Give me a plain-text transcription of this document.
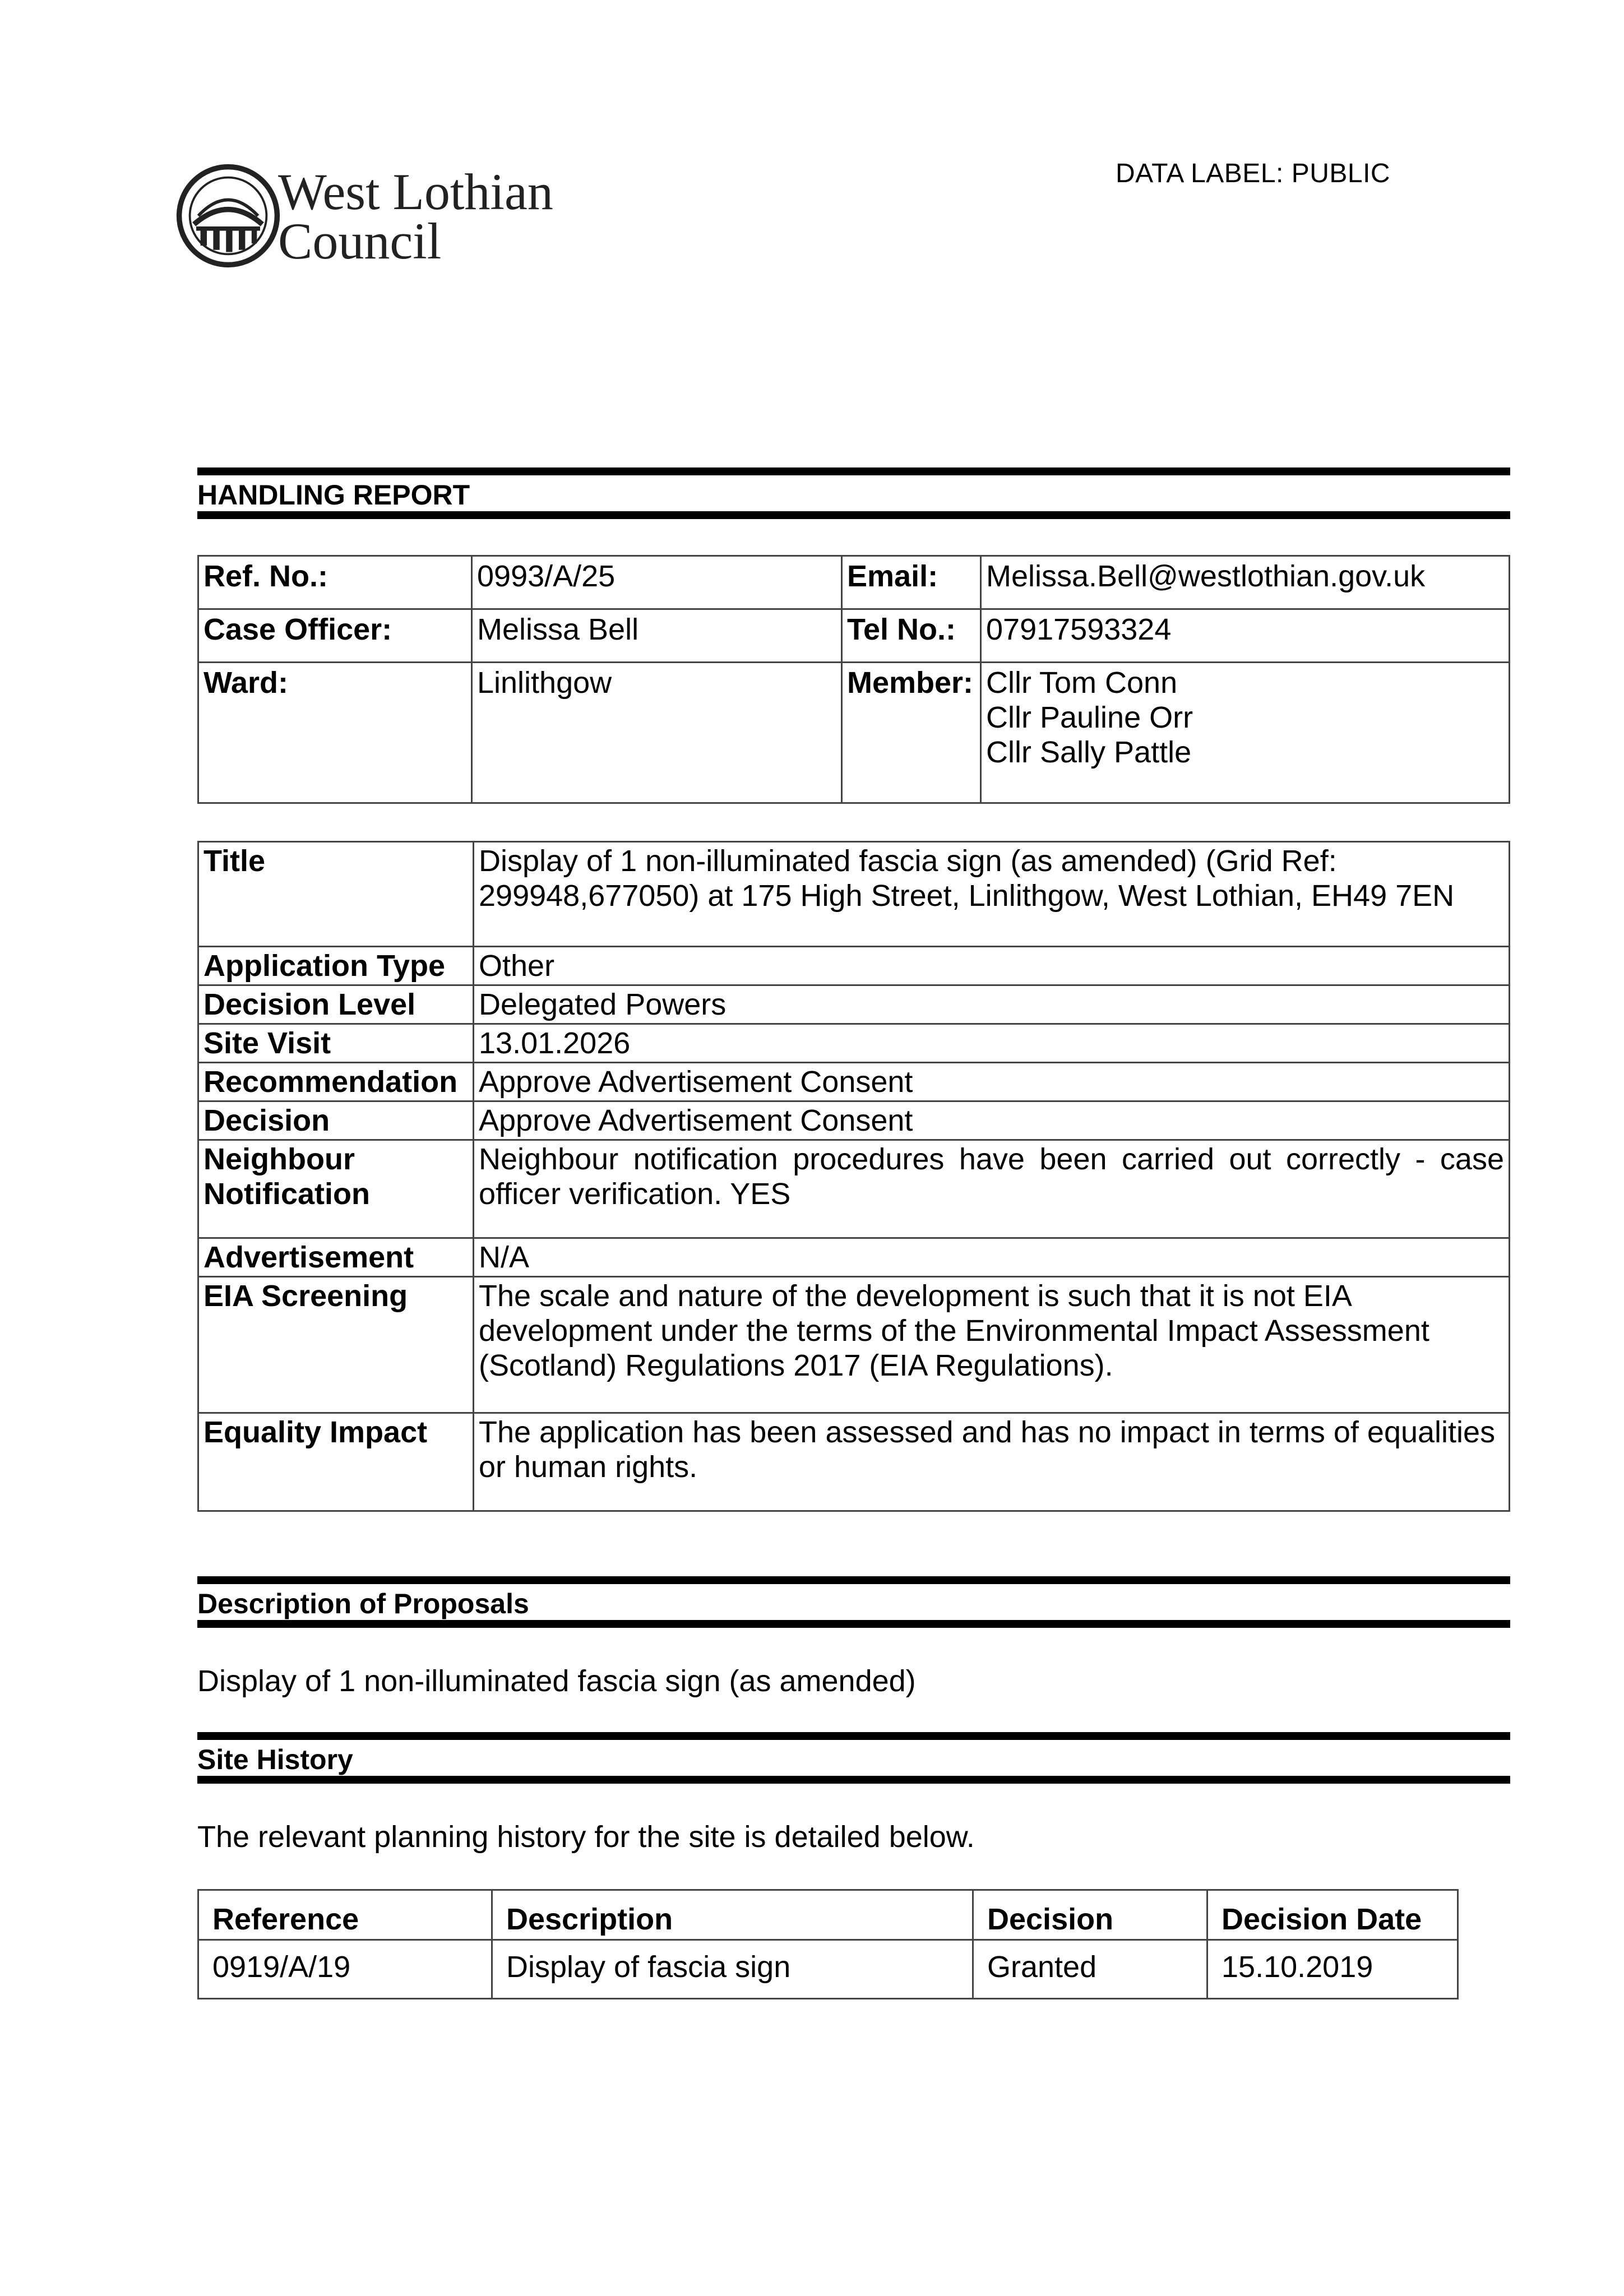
West Lothian
Council
DATA LABEL: PUBLIC
HANDLING REPORT
Ref. No.:	0993/A/25	Email:	Melissa.Bell@westlothian.gov.uk
Case Officer:	Melissa Bell	Tel No.:	07917593324
Ward:	Linlithgow	Member:	Cllr Tom Conn
Cllr Pauline Orr
Cllr Sally Pattle
Title	Display of 1 non-illuminated fascia sign (as amended) (Grid Ref:
299948,677050) at 175 High Street, Linlithgow, West Lothian, EH49 7EN

Application Type	Other
Decision Level	Delegated Powers
Site Visit	13.01.2026
Recommendation	Approve Advertisement Consent
Decision	Approve Advertisement Consent
Neighbour Notification	Neighbour notification procedures have been carried out correctly - case officer verification. YES
Advertisement	N/A
EIA Screening	The scale and nature of the development is such that it is not EIA
development under the terms of the Environmental Impact Assessment
(Scotland) Regulations 2017 (EIA Regulations).

Equality Impact	The application has been assessed and has no impact in terms of equalities
or human rights.
Description of Proposals
Display of 1 non-illuminated fascia sign (as amended)
Site History
The relevant planning history for the site is detailed below.
Reference	Description	Decision	Decision Date
0919/A/19	Display of fascia sign	Granted	15.10.2019
